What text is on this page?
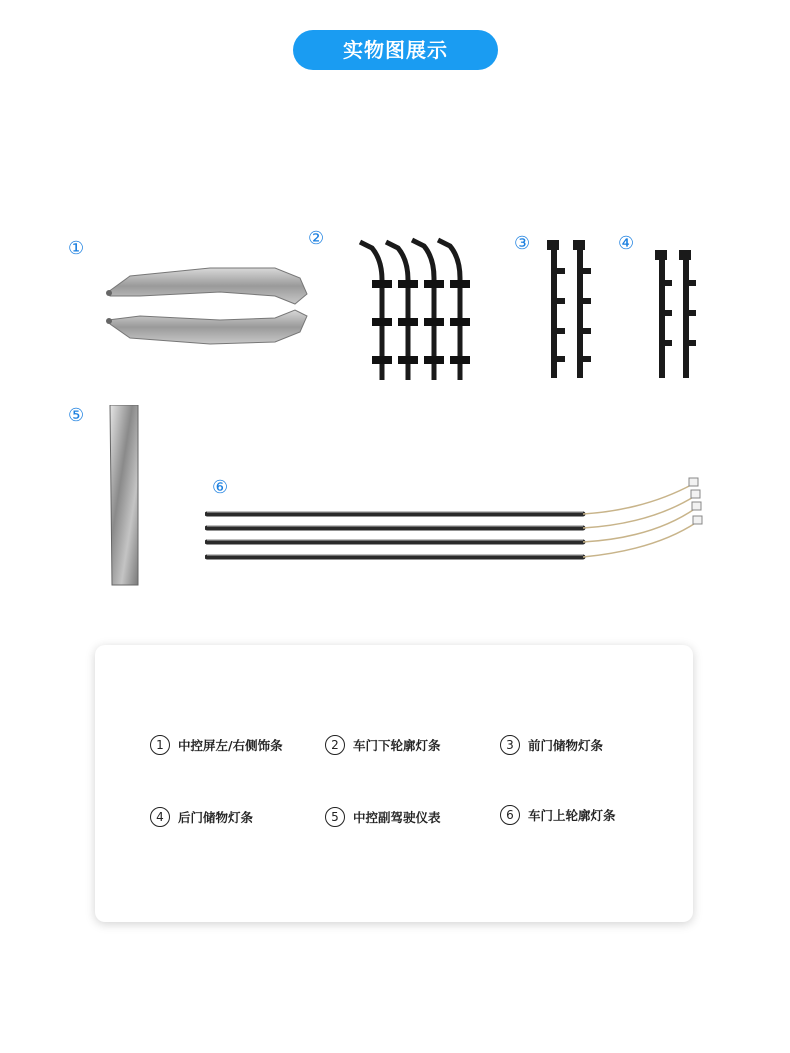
实物图展示
①	②	③	④
⑤
⑥
1	中控屏左/右侧饰条	2	车门下轮廓灯条	3	前门储物灯条
4	后门储物灯条	5	中控副驾驶仪表	6	车门上轮廓灯条
